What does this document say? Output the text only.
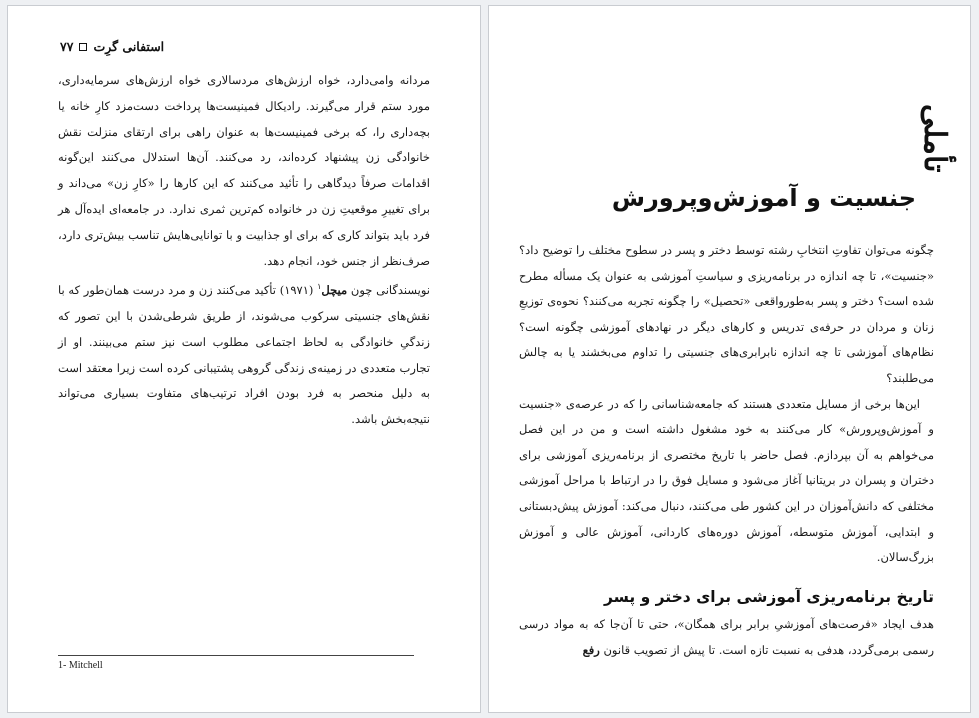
استفانی گرِت
۷۷

مردانه وامی‌دارد، خواه ارزش‌های مردسالاری خواه ارزش‌های سرمایه‌داری، مورد ستم قرار می‌گیرند. رادیکال فمینیست‌ها پرداخت دست‌مزد کارِ خانه یا بچه‌داری را، که برخی فمینیست‌ها به عنوان راهی برای ارتقای منزلت نقش خانوادگی زن پیشنهاد کرده‌اند، رد می‌کنند. آن‌ها استدلال می‌کنند این‌گونه اقدامات صرفاً دیدگاهی را تأئید می‌کنند که این کارها را «کارِ زن» می‌داند و برای تغییرِ موقعیتِ زن در خانواده کم‌ترین ثمری ندارد. در جامعه‌ای ایده‌آل هر فرد باید بتواند کاری که برای او جذابیت و با توانایی‌هایش تناسب بیش‌تری دارد، صرف‌نظر از جنس خود، انجام دهد.

نویسندگانی چون میچل$^۱$ (۱۹۷۱) تأکید می‌کنند زن و مرد درست همان‌طور که با نقش‌های جنسیتی سرکوب می‌شوند، از طریق شرطی‌شدن با این تصور که زندگیِ خانوادگی به لحاظ اجتماعی مطلوب است نیز ستم می‌بینند. او از تجارب متعددی در زمینه‌ی زندگی گروهی پشتیبانی کرده است زیرا معتقد است به دلیل منحصر به فرد بودن افراد ترتیب‌های متفاوت بسیاری می‌تواند نتیجه‌بخش باشد.

1- Mitchell
تأملی
جنسیت و آموزش‌وپرورش

چگونه می‌توان تفاوتِ انتخابِ رشته توسط دختر و پسر در سطوح مختلف را توضیح داد؟ «جنسیت»، تا چه اندازه در برنامه‌ریزی و سیاستِ آموزشی به عنوان یک مسأله مطرح شده است؟ دختر و پسر به‌طورواقعی «تحصیل» را چگونه تجربه می‌کنند؟ نحوه‌ی توزیعِ زنان و مردان در حرفه‌ی تدریس و کارهای دیگر در نهادهای آموزشی چگونه است؟ نظام‌های آموزشی تا چه اندازه نابرابری‌های جنسیتی را تداوم می‌بخشند یا به چالش می‌طلبند؟

این‌ها برخی از مسایل متعددی هستند که جامعه‌شناسانی را که در عرصه‌ی «جنسیت و آموزش‌وپرورش» کار می‌کنند به خود مشغول داشته است و من در این فصل می‌خواهم به آن بپردازم. فصل حاضر با تاریخ مختصری از برنامه‌ریزی آموزشی برای دختران و پسران در بریتانیا آغاز می‌شود و مسایل فوق را در ارتباط با مراحل آموزشی مختلفی که دانش‌آموزان در این کشور طی می‌کنند، دنبال می‌کند: آموزش پیش‌دبستانی و ابتدایی، آموزش متوسطه، آموزش دوره‌های کاردانی، آموزش عالی و آموزش بزرگ‌سالان.

تاریخ برنامه‌ریزی آموزشی برای دختر و پسر

هدف ایجاد «فرصت‌های آموزشیِ برابر برای همگان»، حتی تا آن‌جا که به مواد درسی رسمی برمی‌گردد، هدفی به نسبت تازه است. تا پیش از تصویب قانون رفع
